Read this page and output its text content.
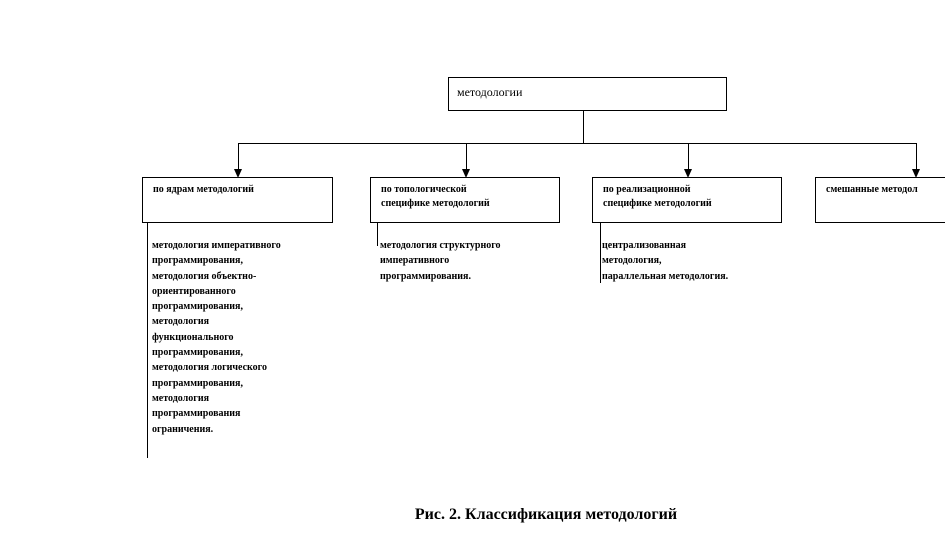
методологии
по ядрам методологий	по топологической
специфике методологий
по реализационной
специфике методологий
смешанные методол
методология императивного
программирования,
методология объектно-
ориентированного
программирования,
методология
функционального
программирования,
методология логического
программирования,
методология
программирования
ограничения.
методология структурного
императивного
программирования.
централизованная
методология,
параллельная методология.
Рис. 2. Классификация методологий
